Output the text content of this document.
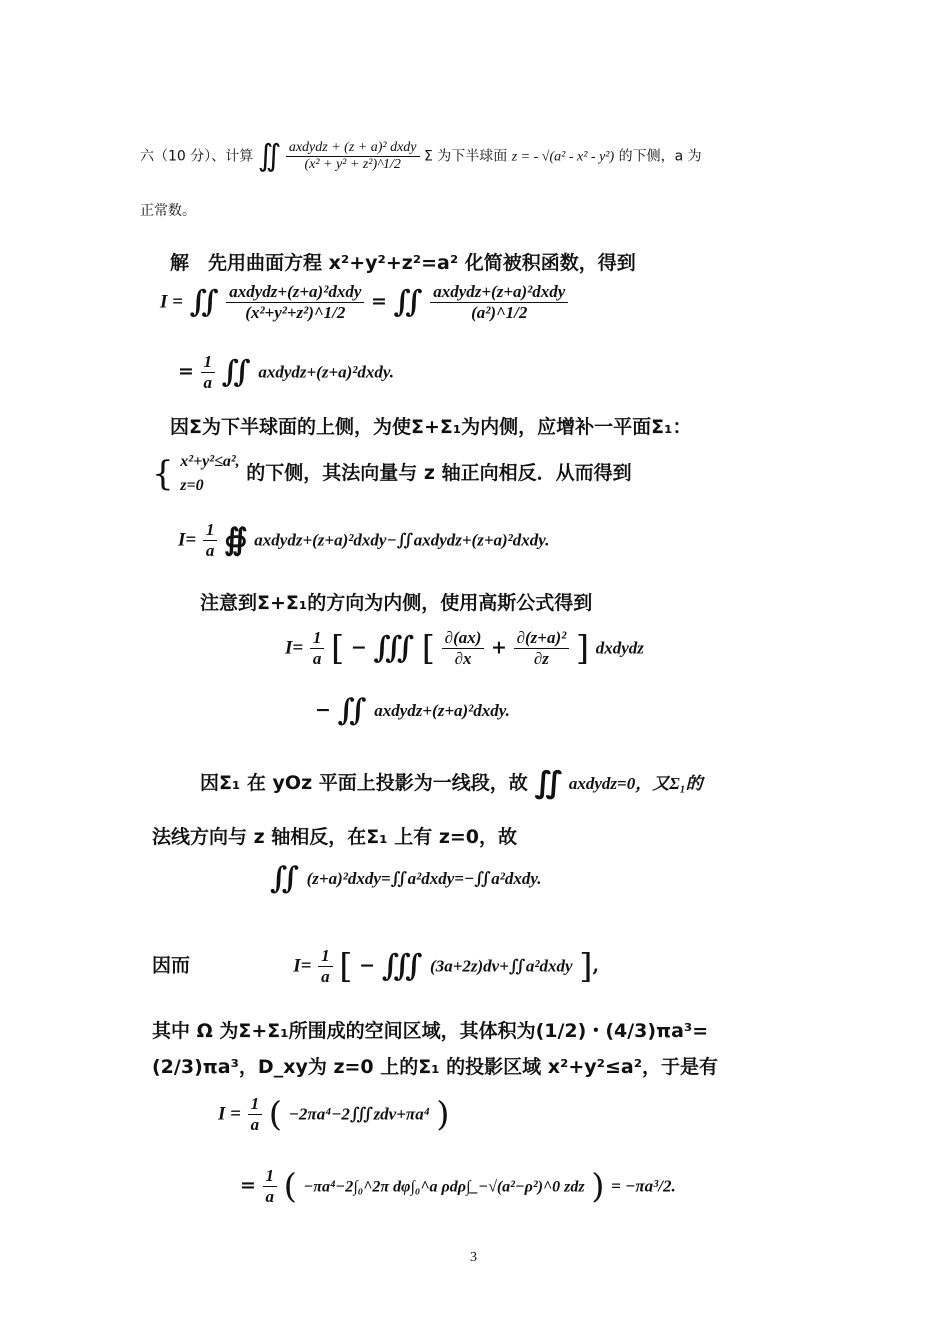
六（10 分）、计算 ∬ axdydz + (z + a)² dxdy
(x² + y² + z²)^1/2	Σ 为下半球面 z = - √(a² - x² - y²) 的下侧，a 为
正常数。
解　先用曲面方程 x²+y²+z²=a² 化简被积函数，得到
I = ∬ axdydz+(z+a)²dxdy
(x²+y²+z²)^1/2	= ∬ axdydz+(z+a)²dxdy
(a²)^1/2
= $\frac{1}{a}$ ∬ axdydz+(z+a)²dxdy.
因Σ为下半球面的上侧，为使Σ+Σ₁为内侧，应增补一平面Σ₁：
{ x²+y²≤a²,
z=0
的下侧，其法向量与 z 轴正向相反．从而得到
$I= \frac{1}{a}$ ∯ axdydz+(z+a)²dxdy−∬axdydz+(z+a)²dxdy.
注意到Σ+Σ₁的方向为内侧，使用高斯公式得到
$I= \frac{1}{a}$ [ − ∭ [ $\frac{\partial(ax)}{\partial x} + \frac{\text{∂(z+a)²}}{\partial z}$ ] dxdydz
− ∬ axdydz+(z+a)²dxdy.
因Σ₁ 在 yOz 平面上投影为一线段，故 ∬ axdydz=0，又Σ₁的
法线方向与 z 轴相反，在Σ₁ 上有 z=0，故
∬ (z+a)²dxdy=∬a²dxdy=−∬a²dxdy.
因而	$I= \frac{1}{a}$ [ − ∭ (3a+2z)dv+∬a²dxdy ],
其中 Ω 为Σ+Σ₁所围成的空间区域，其体积为(1/2)・(4/3)πa³=
(2/3)πa³，D_xy为 z=0 上的Σ₁ 的投影区域 x²+y²≤a²，于是有
$I = \frac{1}{a}$ ( −2πa⁴−2∭zdv+πa⁴ )
= $\frac{1}{a}$ ( −πa⁴−2∫₀^2π dφ∫₀^a ρdρ∫_−√(a²−ρ²)^0 zdz ) = −πa³/2.
3
